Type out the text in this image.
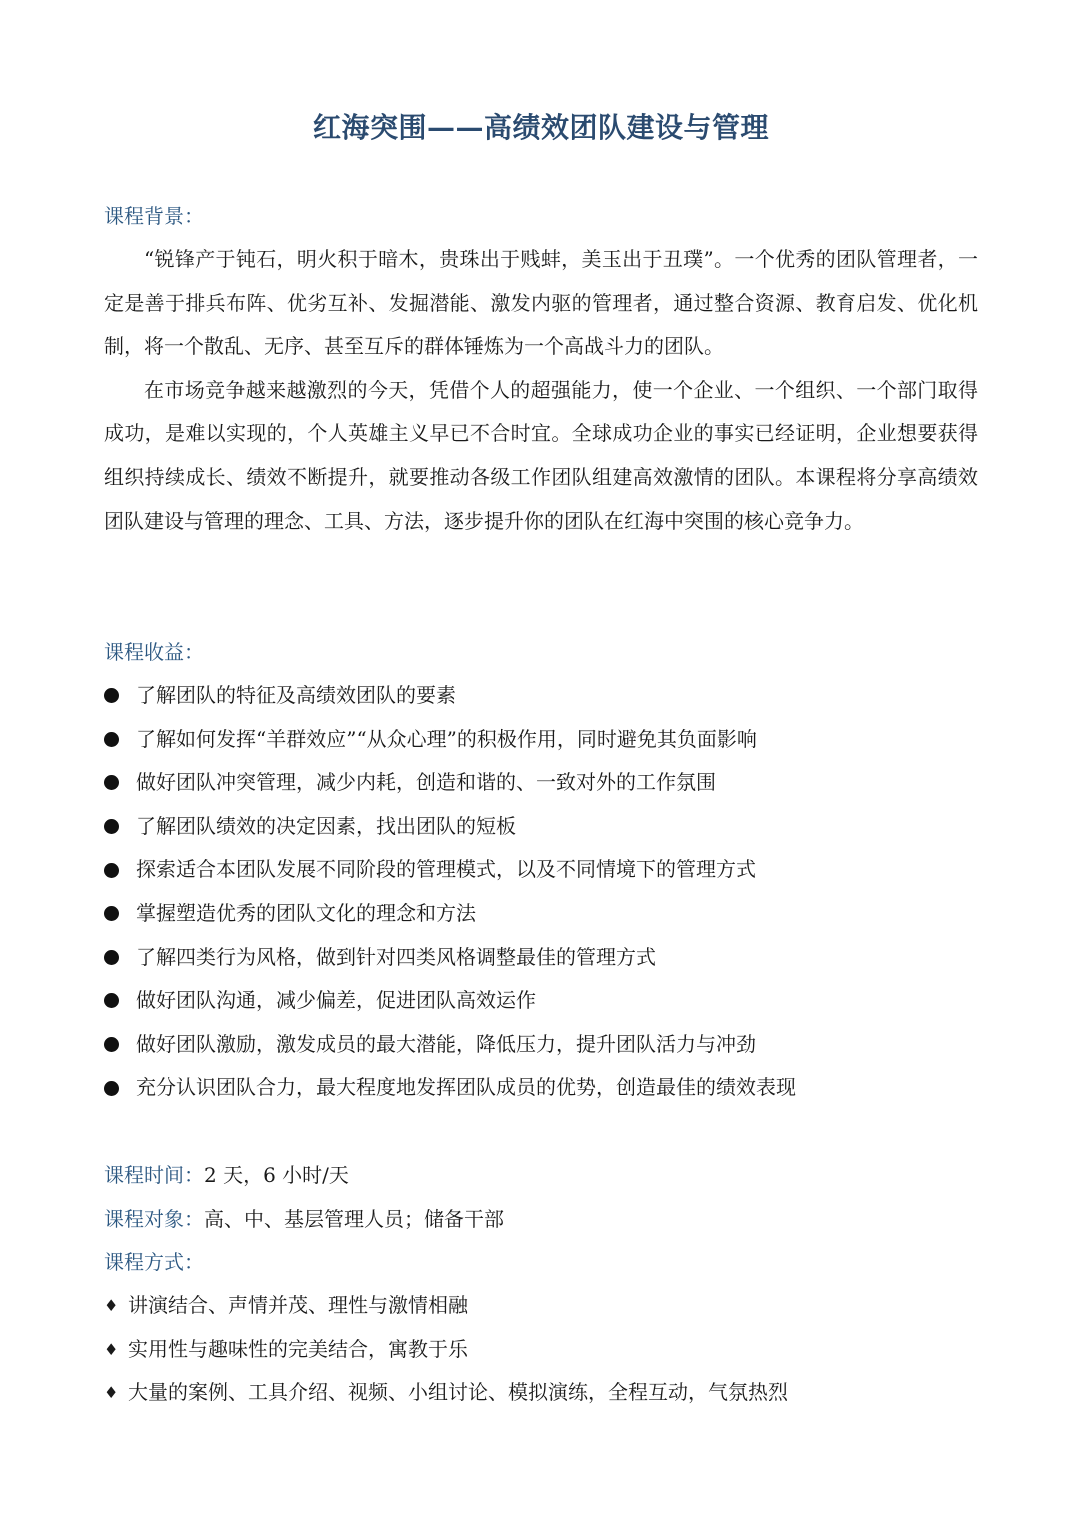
红海突围——高绩效团队建设与管理
课程背景：

“锐锋产于钝石，明火积于暗木，贵珠出于贱蚌，美玉出于丑璞”。一个优秀的团队管理者，一定是善于排兵布阵、优劣互补、发掘潜能、激发内驱的管理者，通过整合资源、教育启发、优化机制，将一个散乱、无序、甚至互斥的群体锤炼为一个高战斗力的团队。

在市场竞争越来越激烈的今天，凭借个人的超强能力，使一个企业、一个组织、一个部门取得成功，是难以实现的，个人英雄主义早已不合时宜。全球成功企业的事实已经证明，企业想要获得组织持续成长、绩效不断提升，就要推动各级工作团队组建高效激情的团队。本课程将分享高绩效团队建设与管理的理念、工具、方法，逐步提升你的团队在红海中突围的核心竞争力。

课程收益：
了解团队的特征及高绩效团队的要素
了解如何发挥“羊群效应”“从众心理”的积极作用，同时避免其负面影响
做好团队冲突管理，减少内耗，创造和谐的、一致对外的工作氛围
了解团队绩效的决定因素，找出团队的短板
探索适合本团队发展不同阶段的管理模式，以及不同情境下的管理方式
掌握塑造优秀的团队文化的理念和方法
了解四类行为风格，做到针对四类风格调整最佳的管理方式
做好团队沟通，减少偏差，促进团队高效运作
做好团队激励，激发成员的最大潜能，降低压力，提升团队活力与冲劲
充分认识团队合力，最大程度地发挥团队成员的优势，创造最佳的绩效表现
课程时间：2 天，6 小时/天
课程对象：高、中、基层管理人员；储备干部
课程方式：
♦ 讲演结合、声情并茂、理性与激情相融
♦ 实用性与趣味性的完美结合，寓教于乐
♦ 大量的案例、工具介绍、视频、小组讨论、模拟演练，全程互动，气氛热烈
